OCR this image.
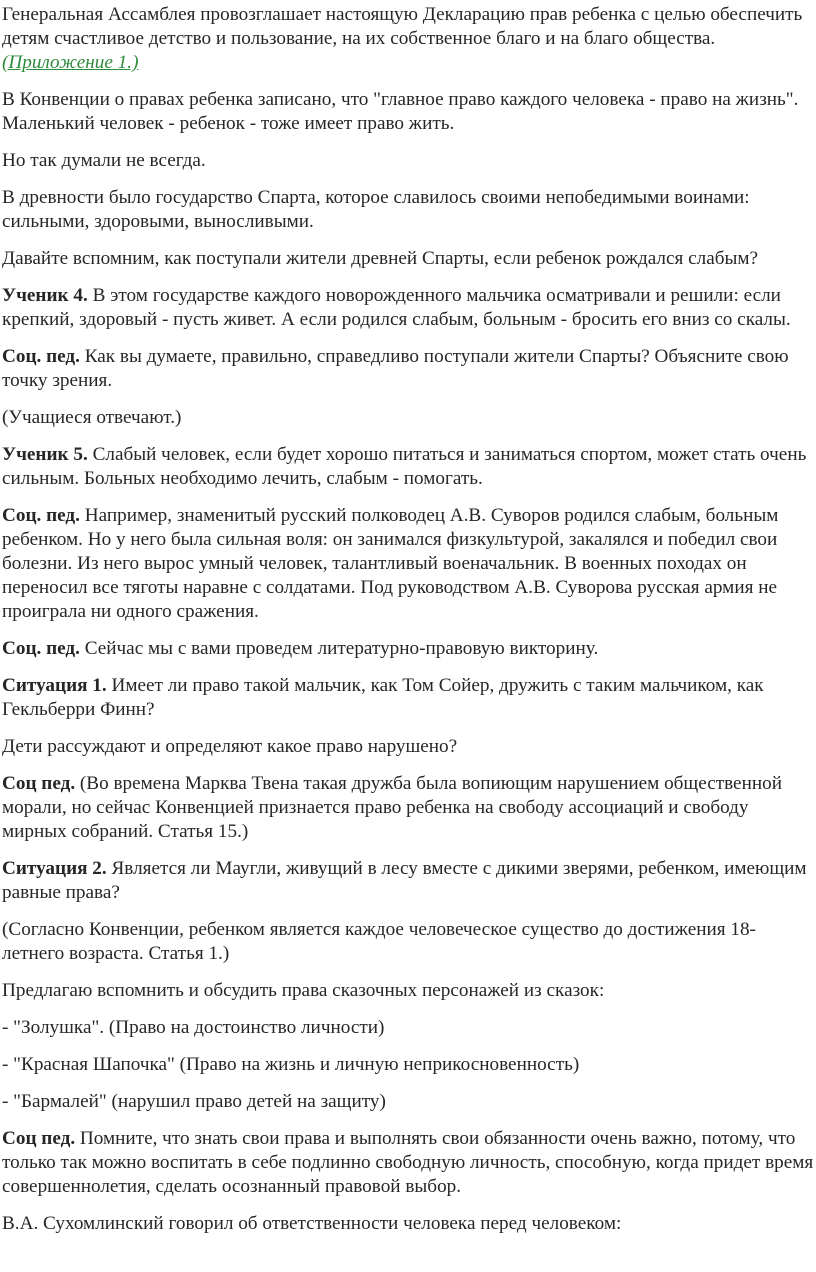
Генеральная Ассамблея провозглашает настоящую Декларацию прав ребенка с целью обеспечить детям счастливое детство и пользование, на их собственное благо и на благо общества. (Приложение 1.)

В Конвенции о правах ребенка записано, что "главное право каждого человека - право на жизнь". Маленький человек - ребенок - тоже имеет право жить.

Но так думали не всегда.

В древности было государство Спарта, которое славилось своими непобедимыми воинами: сильными, здоровыми, выносливыми.

Давайте вспомним, как поступали жители древней Спарты, если ребенок рождался слабым?

Ученик 4. В этом государстве каждого новорожденного мальчика осматривали и решили: если крепкий, здоровый - пусть живет. А если родился слабым, больным - бросить его вниз со скалы.

Соц. пед. Как вы думаете, правильно, справедливо поступали жители Спарты? Объясните свою точку зрения.

(Учащиеся отвечают.)

Ученик 5. Слабый человек, если будет хорошо питаться и заниматься спортом, может стать очень сильным. Больных необходимо лечить, слабым - помогать.

Соц. пед. Например, знаменитый русский полководец А.В. Суворов родился слабым, больным ребенком. Но у него была сильная воля: он занимался физкультурой, закалялся и победил свои болезни. Из него вырос умный человек, талантливый военачальник. В военных походах он переносил все тяготы наравне с солдатами. Под руководством А.В. Суворова русская армия не проиграла ни одного сражения.

Соц. пед. Сейчас мы с вами проведем литературно-правовую викторину.

Ситуация 1. Имеет ли право такой мальчик, как Том Сойер, дружить с таким мальчиком, как Гекльберри Финн?

Дети рассуждают и определяют какое право нарушено?

Соц пед. (Во времена Марква Твена такая дружба была вопиющим нарушением общественной морали, но сейчас Конвенцией признается право ребенка на свободу ассоциаций и свободу мирных собраний. Статья 15.)

Ситуация 2. Является ли Маугли, живущий в лесу вместе с дикими зверями, ребенком, имеющим равные права?

(Согласно Конвенции, ребенком является каждое человеческое существо до достижения 18-летнего возраста. Статья 1.)

Предлагаю вспомнить и обсудить права сказочных персонажей из сказок:

- "Золушка". (Право на достоинство личности)

- "Красная Шапочка" (Право на жизнь и личную неприкосновенность)

- "Бармалей" (нарушил право детей на защиту)

Соц пед. Помните, что знать свои права и выполнять свои обязанности очень важно, потому, что только так можно воспитать в себе подлинно свободную личность, способную, когда придет время совершеннолетия, сделать осознанный правовой выбор.

В.А. Сухомлинский говорил об ответственности человека перед человеком:
